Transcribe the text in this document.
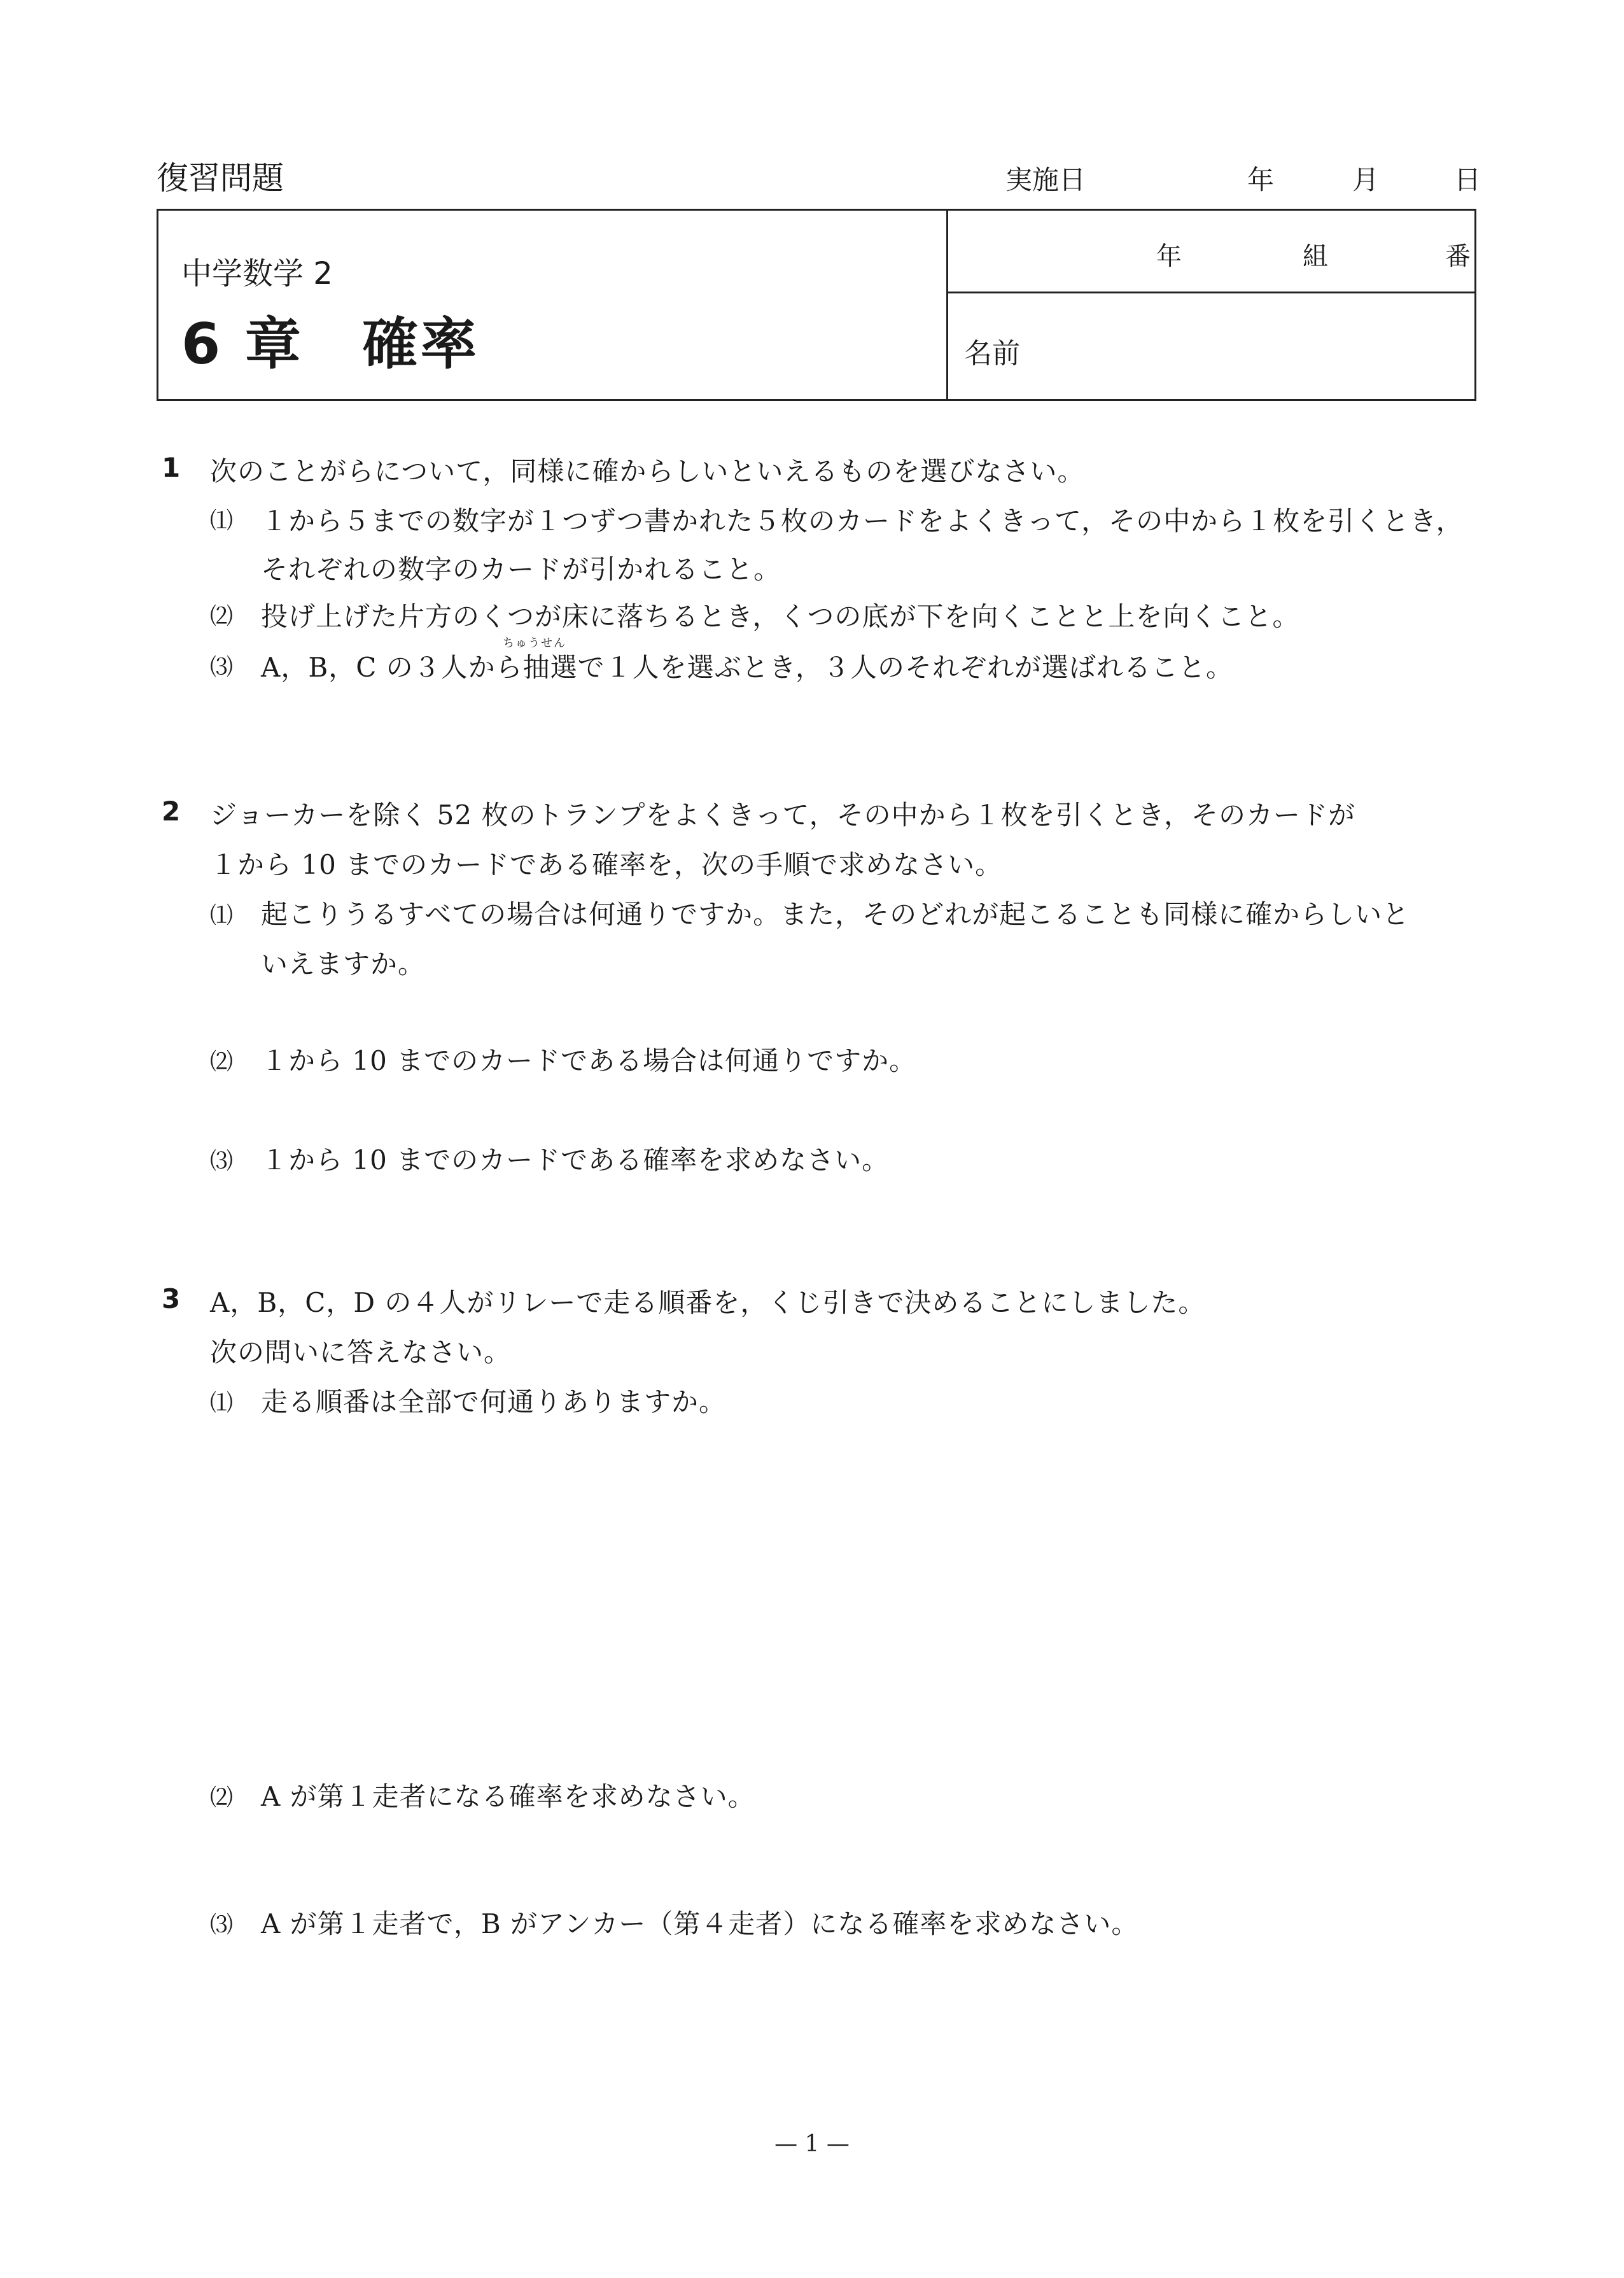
復習問題	実施日	年	月	日
中学数学 2
6 章　確率
年	組	番
名前
1 次のことがらについて，同様に確からしいといえるものを選びなさい。
⑴ １から５までの数字が１つずつ書かれた５枚のカードをよくきって，その中から１枚を引くとき，
それぞれの数字のカードが引かれること。
⑵ 投げ上げた片方のくつが床に落ちるとき，くつの底が下を向くことと上を向くこと。
ちゅうせん
⑶ A，B，C の３人から抽選で１人を選ぶとき，３人のそれぞれが選ばれること。
2 ジョーカーを除く 52 枚のトランプをよくきって，その中から１枚を引くとき，そのカードが
１から 10 までのカードである確率を，次の手順で求めなさい。
⑴ 起こりうるすべての場合は何通りですか。また，そのどれが起こることも同様に確からしいと
いえますか。
⑵ １から 10 までのカードである場合は何通りですか。
⑶ １から 10 までのカードである確率を求めなさい。
3 A，B，C，D の４人がリレーで走る順番を，くじ引きで決めることにしました。
次の問いに答えなさい。
⑴ 走る順番は全部で何通りありますか。
⑵ A が第１走者になる確率を求めなさい。
⑶ A が第１走者で，B がアンカー（第４走者）になる確率を求めなさい。
— 1 —
